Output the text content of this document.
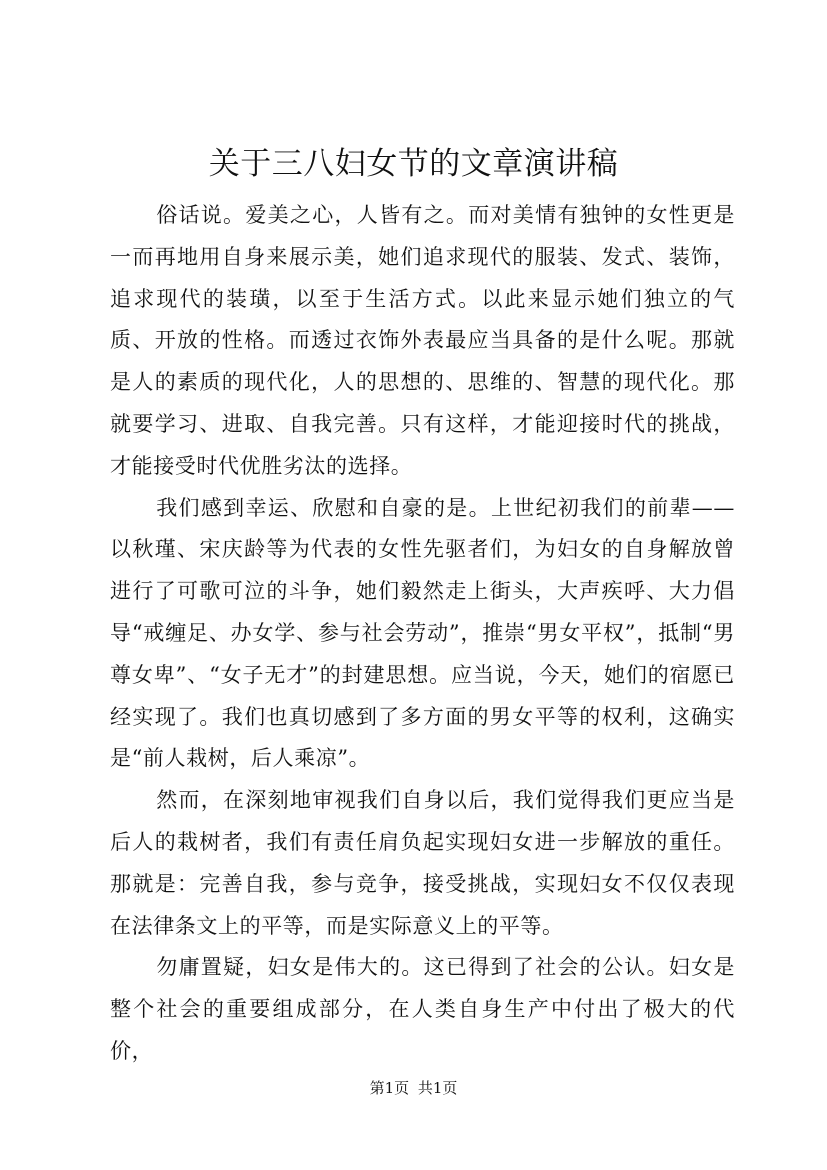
关于三八妇女节的文章演讲稿

俗话说。爱美之心，人皆有之。而对美情有独钟的女性更是一而再地用自身来展示美，她们追求现代的服装、发式、装饰，追求现代的装璜，以至于生活方式。以此来显示她们独立的气质、开放的性格。而透过衣饰外表最应当具备的是什么呢。那就是人的素质的现代化，人的思想的、思维的、智慧的现代化。那就要学习、进取、自我完善。只有这样，才能迎接时代的挑战，才能接受时代优胜劣汰的选择。

我们感到幸运、欣慰和自豪的是。上世纪初我们的前辈——以秋瑾、宋庆龄等为代表的女性先驱者们，为妇女的自身解放曾进行了可歌可泣的斗争，她们毅然走上街头，大声疾呼、大力倡导“戒缠足、办女学、参与社会劳动”，推崇“男女平权”，抵制“男尊女卑”、“女子无才”的封建思想。应当说，今天，她们的宿愿已经实现了。我们也真切感到了多方面的男女平等的权利，这确实是“前人栽树，后人乘凉”。

然而，在深刻地审视我们自身以后，我们觉得我们更应当是后人的栽树者，我们有责任肩负起实现妇女进一步解放的重任。那就是：完善自我，参与竞争，接受挑战，实现妇女不仅仅表现在法律条文上的平等，而是实际意义上的平等。

勿庸置疑，妇女是伟大的。这已得到了社会的公认。妇女是整个社会的重要组成部分，在人类自身生产中付出了极大的代价，

第1页 共1页
